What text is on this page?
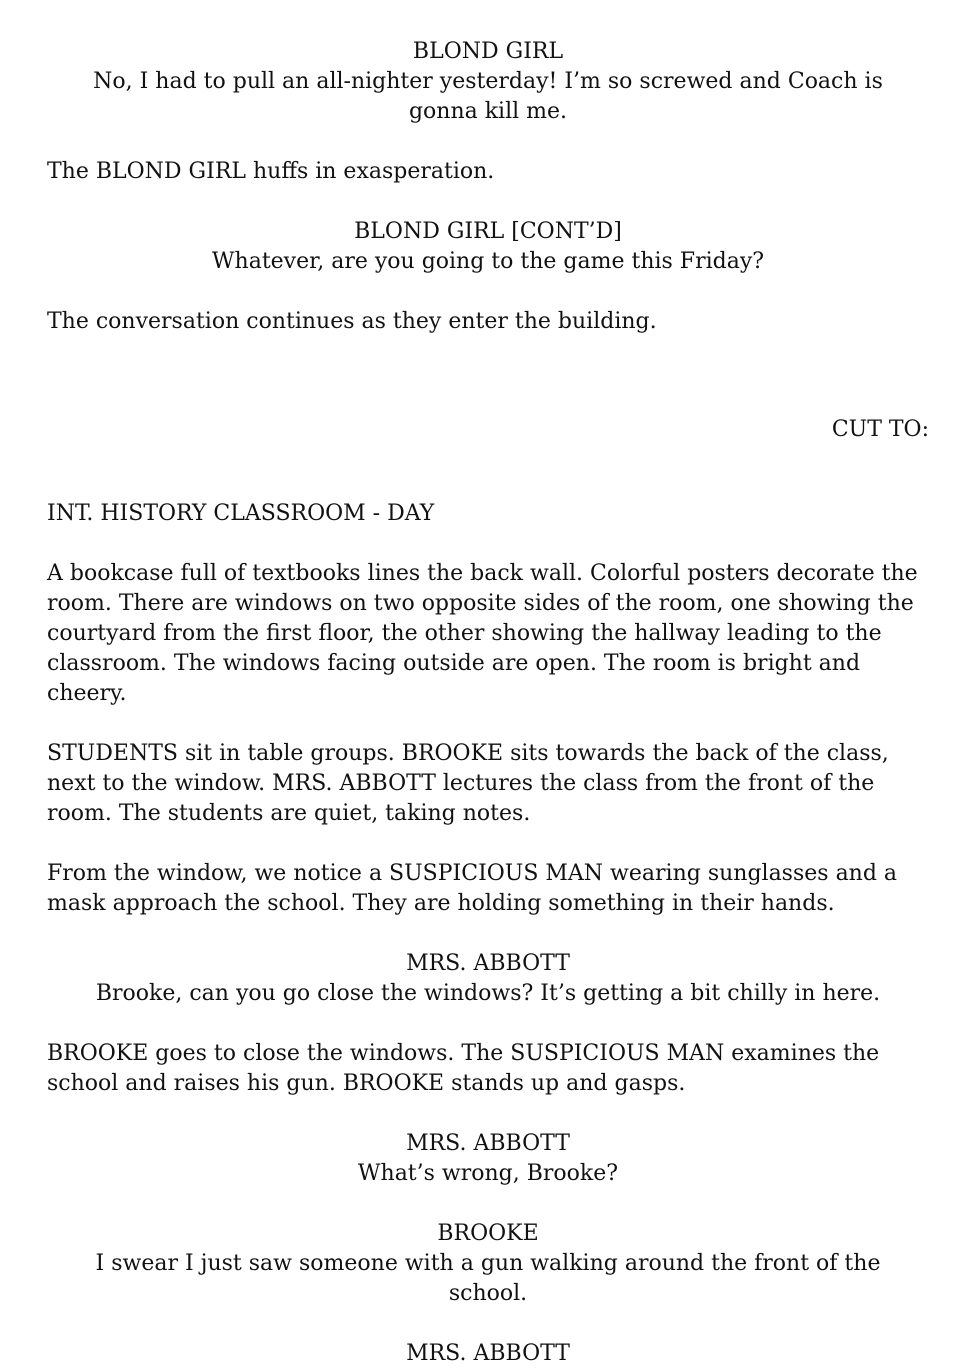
BLOND GIRL

No, I had to pull an all-nighter yesterday! I’m so screwed and Coach is gonna kill me.

The BLOND GIRL huffs in exasperation.

BLOND GIRL [CONT’D]

Whatever, are you going to the game this Friday?

The conversation continues as they enter the building.

CUT TO:

INT. HISTORY CLASSROOM - DAY

A bookcase full of textbooks lines the back wall. Colorful posters decorate the room. There are windows on two opposite sides of the room, one showing the courtyard from the first floor, the other showing the hallway leading to the classroom. The windows facing outside are open. The room is bright and cheery.

STUDENTS sit in table groups. BROOKE sits towards the back of the class, next to the window. MRS. ABBOTT lectures the class from the front of the room. The students are quiet, taking notes.

From the window, we notice a SUSPICIOUS MAN wearing sunglasses and a mask approach the school. They are holding something in their hands.

MRS. ABBOTT

Brooke, can you go close the windows? It’s getting a bit chilly in here.

BROOKE goes to close the windows. The SUSPICIOUS MAN examines the school and raises his gun. BROOKE stands up and gasps.

MRS. ABBOTT

What’s wrong, Brooke?

BROOKE

I swear I just saw someone with a gun walking around the front of the school.

MRS. ABBOTT
